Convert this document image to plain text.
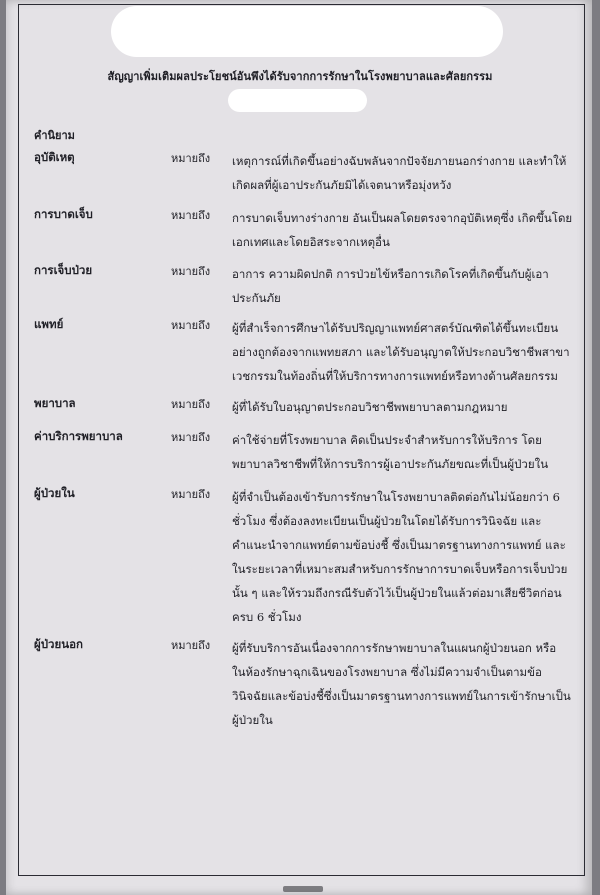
สัญญาเพิ่มเติมผลประโยชน์อันพึงได้รับจากการรักษาในโรงพยาบาลและศัลยกรรม
คำนิยาม
อุบัติเหตุ	หมายถึง เหตุการณ์ที่เกิดขึ้นอย่างฉับพลันจากปัจจัยภายนอกร่างกาย และทำให้
เกิดผลที่ผู้เอาประกันภัยมิได้เจตนาหรือมุ่งหวัง
การบาดเจ็บ	หมายถึง การบาดเจ็บทางร่างกาย อันเป็นผลโดยตรงจากอุบัติเหตุซึ่ง เกิดขึ้นโดย
เอกเทศและโดยอิสระจากเหตุอื่น
การเจ็บป่วย	หมายถึง อาการ ความผิดปกติ การป่วยไข้หรือการเกิดโรคที่เกิดขึ้นกับผู้เอา
ประกันภัย
แพทย์	หมายถึง ผู้ที่สำเร็จการศึกษาได้รับปริญญาแพทย์ศาสตร์บัณฑิตได้ขึ้นทะเบียน
อย่างถูกต้องจากแพทยสภา และได้รับอนุญาตให้ประกอบวิชาชีพสาขา
เวชกรรมในท้องถิ่นที่ให้บริการทางการแพทย์หรือทางด้านศัลยกรรม
พยาบาล	หมายถึง ผู้ที่ได้รับใบอนุญาตประกอบวิชาชีพพยาบาลตามกฎหมาย
ค่าบริการพยาบาล	หมายถึง ค่าใช้จ่ายที่โรงพยาบาล คิดเป็นประจำสำหรับการให้บริการ โดย
พยาบาลวิชาชีพที่ให้การบริการผู้เอาประกันภัยขณะที่เป็นผู้ป่วยใน
ผู้ป่วยใน	หมายถึง ผู้ที่จำเป็นต้องเข้ารับการรักษาในโรงพยาบาลติดต่อกันไม่น้อยกว่า 6
ชั่วโมง ซึ่งต้องลงทะเบียนเป็นผู้ป่วยในโดยได้รับการวินิจฉัย และ
คำแนะนำจากแพทย์ตามข้อบ่งชี้ ซึ่งเป็นมาตรฐานทางการแพทย์ และ
ในระยะเวลาที่เหมาะสมสำหรับการรักษาการบาดเจ็บหรือการเจ็บป่วย
นั้น ๆ และให้รวมถึงกรณีรับตัวไว้เป็นผู้ป่วยในแล้วต่อมาเสียชีวิตก่อน
ครบ 6 ชั่วโมง
ผู้ป่วยนอก	หมายถึง ผู้ที่รับบริการอันเนื่องจากการรักษาพยาบาลในแผนกผู้ป่วยนอก หรือ
ในห้องรักษาฉุกเฉินของโรงพยาบาล ซึ่งไม่มีความจำเป็นตามข้อ
วินิจฉัยและข้อบ่งชี้ซึ่งเป็นมาตรฐานทางการแพทย์ในการเข้ารักษาเป็น
ผู้ป่วยใน
